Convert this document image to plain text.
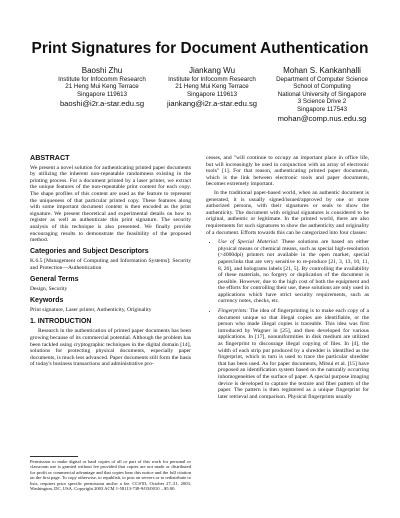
Print Signatures for Document Authentication
Baoshi Zhu
Institute for Infocomm Research
21 Heng Mui Keng Terrace
Singapore 119613
baoshi@i2r.a-star.edu.sg
Jiankang Wu
Institute for Infocomm Research
21 Heng Mui Keng Terrace
Singapore 119613
jiankang@i2r.a-star.edu.sg
Mohan S. Kankanhalli
Department of Computer Science
School of Computing
National University of Singapore
3 Science Drive 2
Singapore 117543
mohan@comp.nus.edu.sg
ABSTRACT

We present a novel solution for authenticating printed paper documents by utilizing the inherent non-repeatable randomness existing in the printing process. For a document printed by a laser printer, we extract the unique features of the non-repeatable print content for each copy. The shape profiles of this content are used as the feature to represent the uniqueness of that particular printed copy. These features along with some important document content is then encoded as the print signature. We present theoretical and experimental details on how to register as well as authenticate this print signature. The security analysis of this technique is also presented. We finally provide encouraging results to demonstrate the feasibility of the proposed method.

Categories and Subject Descriptors

K.6.5 [Management of Computing and Information Systems]: Security and Protection—Authentication

General Terms

Design, Security

Keywords

Print signature, Laser printer, Authenticity, Originality

1. INTRODUCTION

Research in the authentication of printed paper documents has been growing because of its commercial potential. Although the problem has been tackled using cryptographic techniques in the digital domain [14], solutions for protecting physical documents, especially paper documents, is much less advanced. Paper documents still form the basis of today's business transactions and administrative pro-

Permission to make digital or hard copies of all or part of this work for personal or classroom use is granted without fee provided that copies are not made or distributed for profit or commercial advantage and that copies bear this notice and the full citation on the first page. To copy otherwise, to republish, to post on servers or to redistribute to lists, requires prior specific permission and/or a fee. CCS'03, October 27–31, 2003, Washington, DC, USA. Copyright 2003 ACM 1-58113-738-9/03/0010 ...$5.00.

cesses, and "will continue to occupy an important place in office life, but will increasingly be used in conjunction with an array of electronic tools" [1]. For that reason, authenticating printed paper documents, which is the link between electronic tools and paper documents, becomes extremely important.

In the traditional paper-based world, when an authentic document is generated, it is usually signed/issued/approved by one or more authorized persons, with their signatures or seals to show the authenticity. The document with original signatures is considered to be original, authentic or legitimate. In the printed world, there are also requirements for such signatures to show the authenticity and originality of a document. Efforts towards this can be categorized into four classes:

• Use of Special Material: These solutions are based on either physical means or chemical means, such as special high-resolution (>4000dpi) printers not available in the open market, special papers/inks that are very sensitive to re-produce [21, 3, 13, 10, 11, 8, 26], and holograms labels [21, 5]. By controlling the availability of these materials, no forgery or duplication of the document is possible. However, due to the high cost of both the equipment and the efforts for controlling their use, these solutions are only used in applications which have strict security requirements, such as currency notes, checks, etc.
• Fingerprints: The idea of fingerprinting is to make each copy of a document unique so that illegal copies are identifiable, or the person who made illegal copies is traceable. This idea was first introduced by Wagner in [25], and then developed for various applications. In [17], nonuniformities in disk medium are utilized as fingerprint to discourage illegal copying of files. In [4], the width of each strip put produced by a shredder is identified as the fingerprint, which in turn is used to trace the particular shredder that has been used. As for paper documents, Mitsui et al. [15] have proposed an identification system based on the naturally occurring inhomogeneities of the surface of paper. A special purpose imaging device is developed to capture the texture and fiber pattern of the paper. The pattern is then registered as a unique fingerprint for later retrieval and comparison. Physical fingerprints usually
